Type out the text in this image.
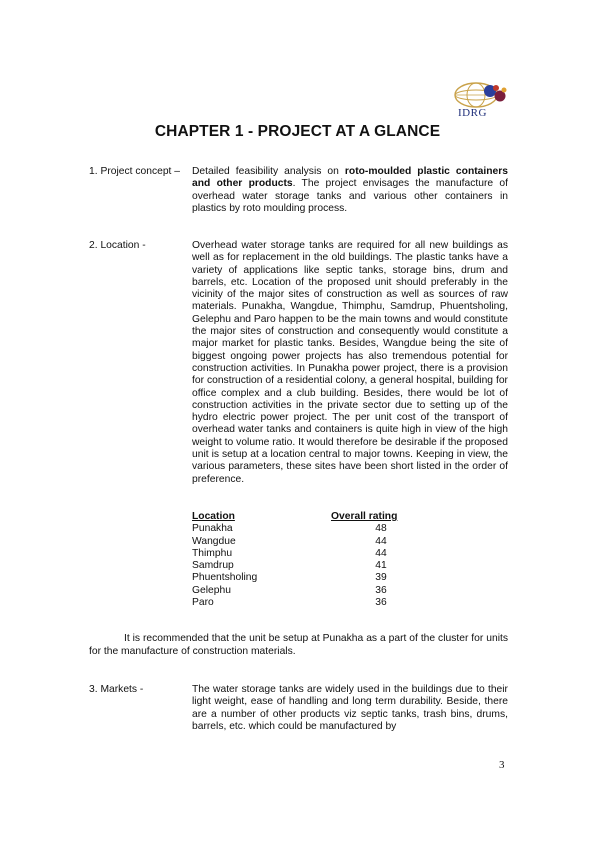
IDRG
CHAPTER 1 - PROJECT AT A GLANCE
1. Project concept – Detailed feasibility analysis on roto-moulded plastic containers and other products. The project envisages the manufacture of overhead water storage tanks and various other containers in plastics by roto moulding process.
2. Location -	Overhead water storage tanks are required for all new buildings as well as for replacement in the old buildings. The plastic tanks have a variety of applications like septic tanks, storage bins, drum and barrels, etc. Location of the proposed unit should preferably in the vicinity of the major sites of construction as well as sources of raw materials. Punakha, Wangdue, Thimphu, Samdrup, Phuentsholing, Gelephu and Paro happen to be the main towns and would constitute the major sites of construction and consequently would constitute a major market for plastic tanks. Besides, Wangdue being the site of biggest ongoing power projects has also tremendous potential for construction activities. In Punakha power project, there is a provision for construction of a residential colony, a general hospital, building for office complex and a club building. Besides, there would be lot of construction activities in the private sector due to setting up of the hydro electric power project. The per unit cost of the transport of overhead water tanks and containers is quite high in view of the high weight to volume ratio. It would therefore be desirable if the proposed unit is setup at a location central to major towns. Keeping in view, the various parameters, these sites have been short listed in the order of preference.
Location	Overall rating
Punakha	48
Wangdue	44
Thimphu	44
Samdrup	41
Phuentsholing	39
Gelephu	36
Paro	36
It is recommended that the unit be setup at Punakha as a part of the cluster for units for the manufacture of construction materials.
3. Markets -	The water storage tanks are widely used in the buildings due to their light weight, ease of handling and long term durability. Beside, there are a number of other products viz septic tanks, trash bins, drums, barrels, etc. which could be manufactured by
3
